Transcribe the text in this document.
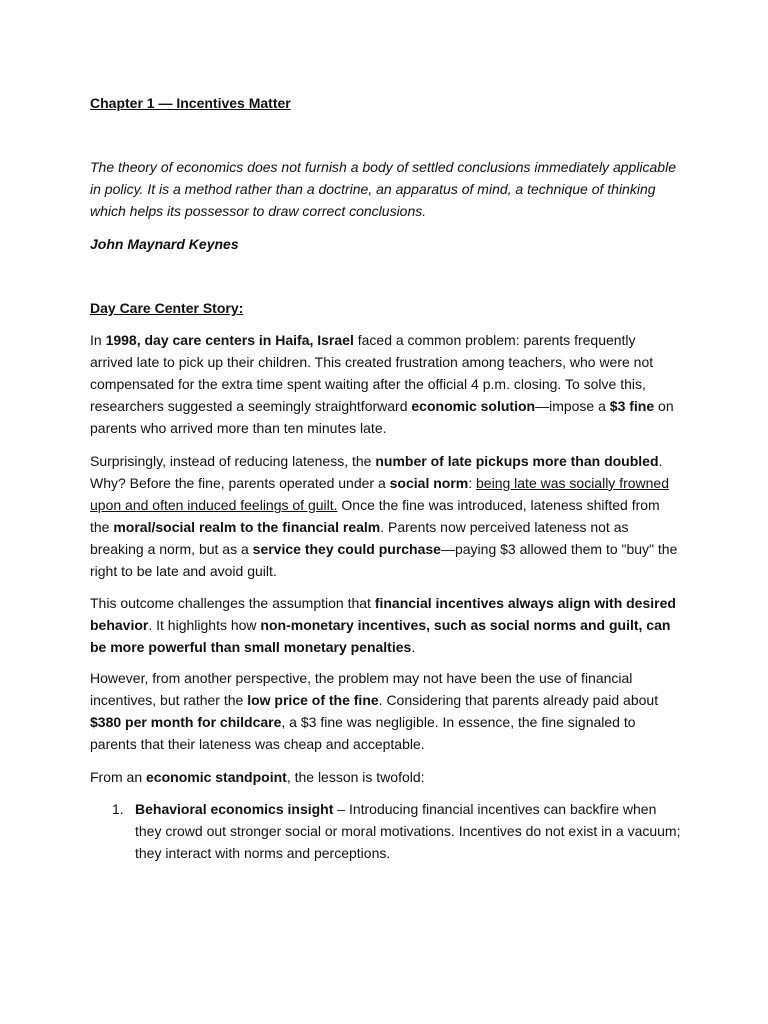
Chapter 1 — Incentives Matter
The theory of economics does not furnish a body of settled conclusions immediately applicable in policy. It is a method rather than a doctrine, an apparatus of mind, a technique of thinking which helps its possessor to draw correct conclusions.
John Maynard Keynes
Day Care Center Story:

In 1998, day care centers in Haifa, Israel faced a common problem: parents frequently arrived late to pick up their children. This created frustration among teachers, who were not compensated for the extra time spent waiting after the official 4 p.m. closing. To solve this, researchers suggested a seemingly straightforward economic solution—impose a $3 fine on parents who arrived more than ten minutes late.

Surprisingly, instead of reducing lateness, the number of late pickups more than doubled. Why? Before the fine, parents operated under a social norm: being late was socially frowned upon and often induced feelings of guilt. Once the fine was introduced, lateness shifted from the moral/social realm to the financial realm. Parents now perceived lateness not as breaking a norm, but as a service they could purchase—paying $3 allowed them to "buy" the right to be late and avoid guilt.

This outcome challenges the assumption that financial incentives always align with desired behavior. It highlights how non-monetary incentives, such as social norms and guilt, can be more powerful than small monetary penalties.

However, from another perspective, the problem may not have been the use of financial incentives, but rather the low price of the fine. Considering that parents already paid about $380 per month for childcare, a $3 fine was negligible. In essence, the fine signaled to parents that their lateness was cheap and acceptable.

From an economic standpoint, the lesson is twofold:

1. Behavioral economics insight – Introducing financial incentives can backfire when they crowd out stronger social or moral motivations. Incentives do not exist in a vacuum; they interact with norms and perceptions.
